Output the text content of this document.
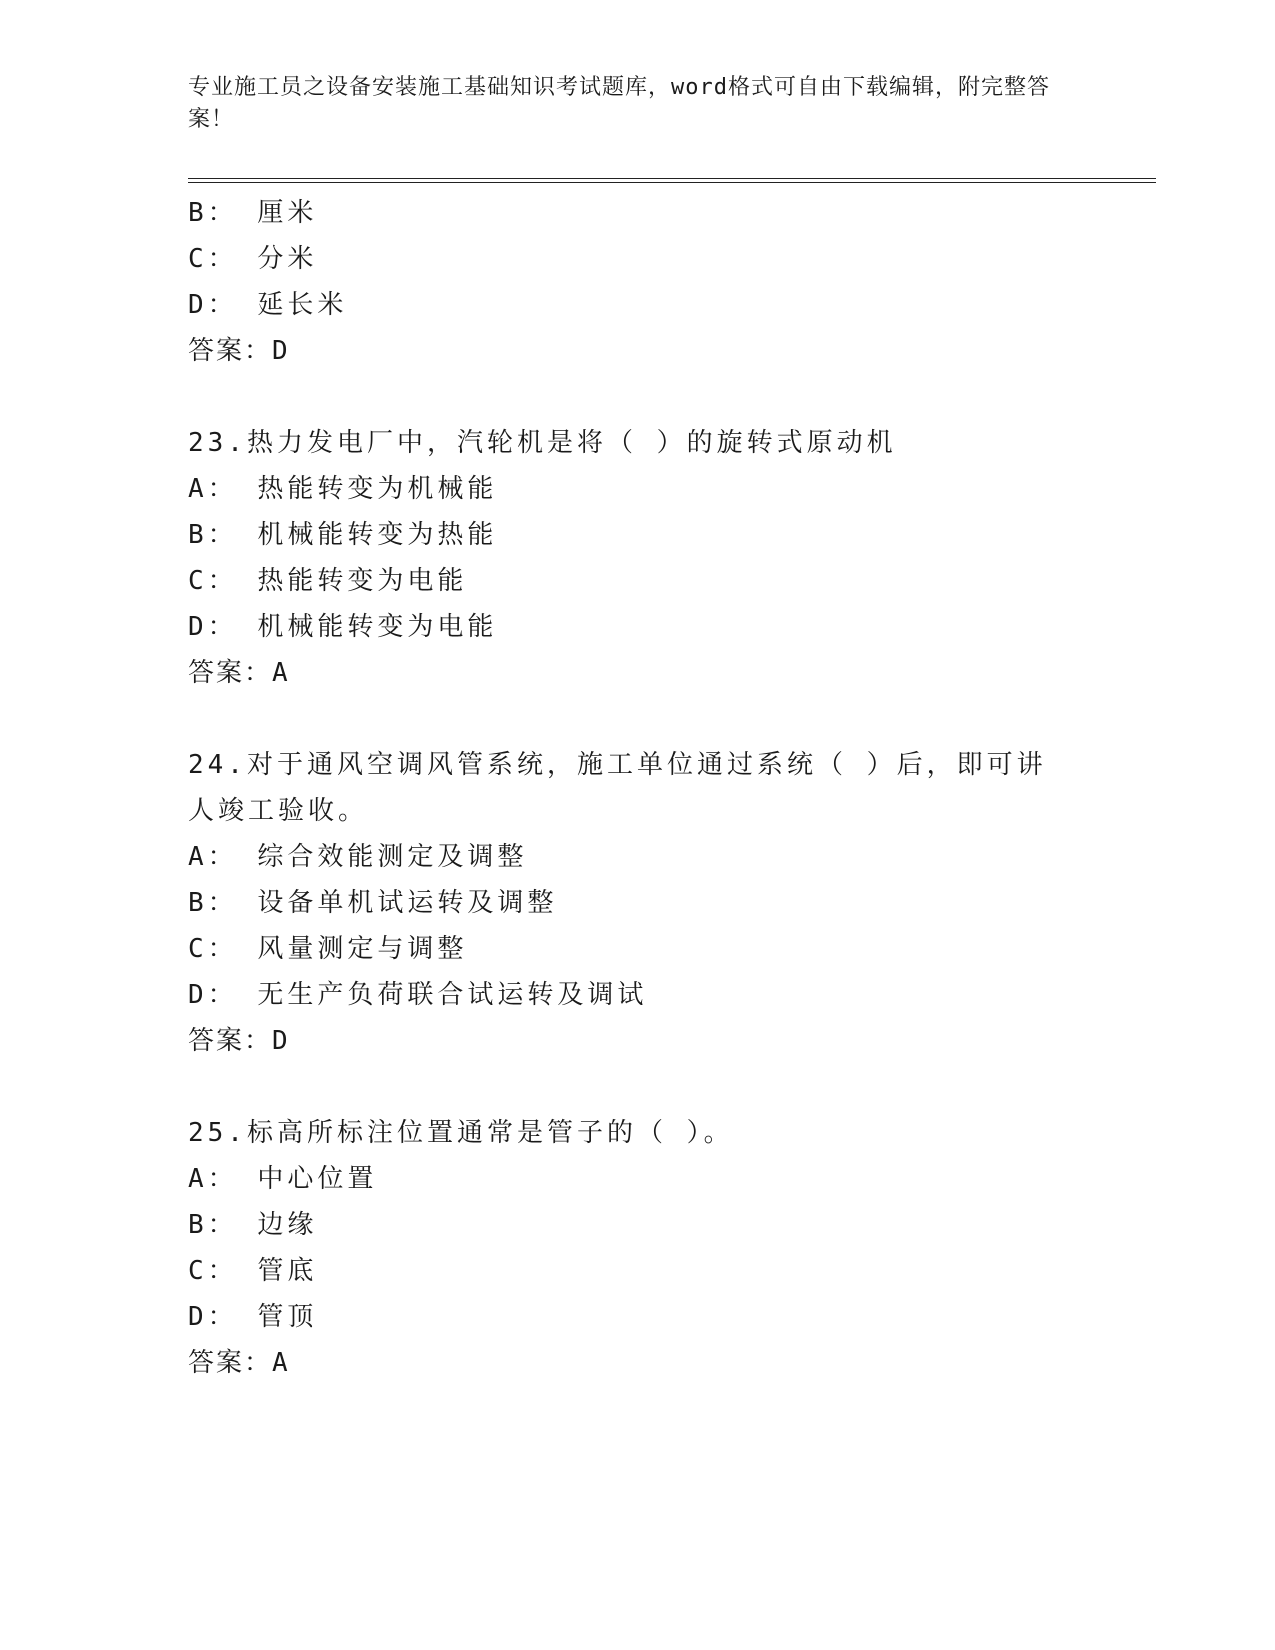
专业施工员之设备安装施工基础知识考试题库，word格式可自由下载编辑，附完整答案！
B： 厘米
C： 分米
D： 延长米
答案：D
23.热力发电厂中，汽轮机是将（ ）的旋转式原动机
A： 热能转变为机械能
B： 机械能转变为热能
C： 热能转变为电能
D： 机械能转变为电能
答案：A
24.对于通风空调风管系统，施工单位通过系统（ ）后，即可讲人竣工验收。
A： 综合效能测定及调整
B： 设备单机试运转及调整
C： 风量测定与调整
D： 无生产负荷联合试运转及调试
答案：D
25.标高所标注位置通常是管子的（ ）。
A： 中心位置
B： 边缘
C： 管底
D： 管顶
答案：A
